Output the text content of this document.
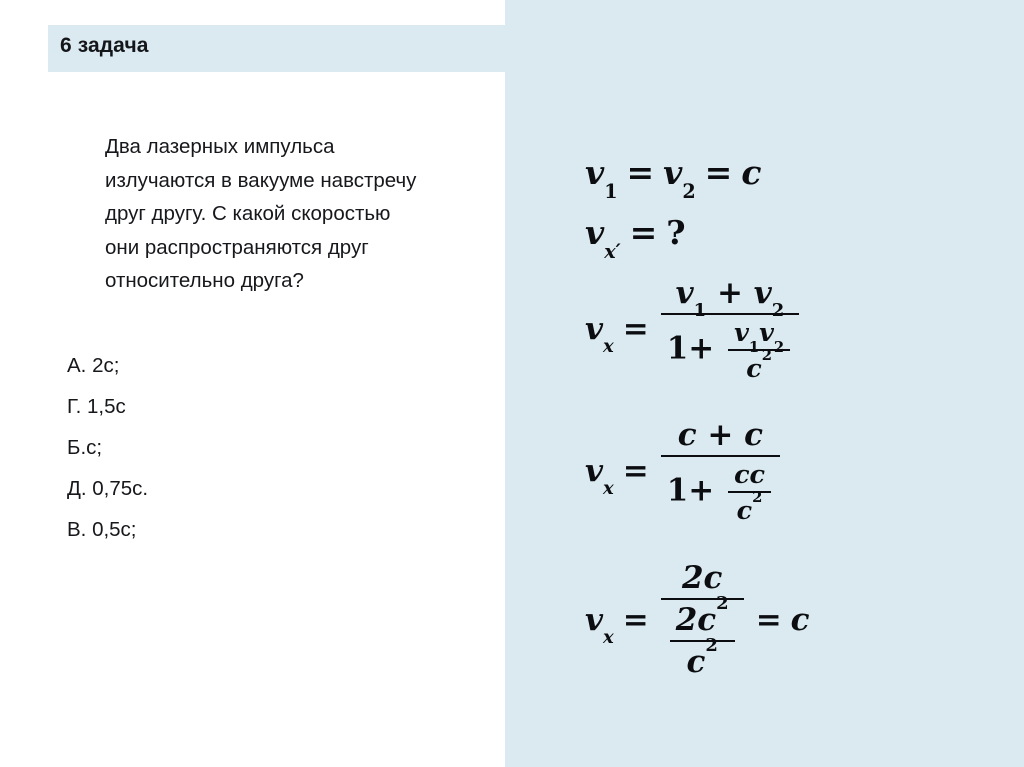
6 задача
Два лазерных импульса излучаются в вакууме навстречу друг другу. С какой скоростью они распространяются друг относительно друга?
А. 2с;
Г. 1,5с
Б.с;
Д. 0,75с.
В. 0,5с;
$v_1 = v_2 = c$
$v_{x'}$ = ?
$v_x$ =
$v_1 + v_2$
$1+ \frac{v_1v_2}{c^2}$
$v_x = \frac{c + c}{1+ \frac{cc}{c^2}}$
$v_x = \frac{2c}{\frac{2c^2}{c^2}} = c$
